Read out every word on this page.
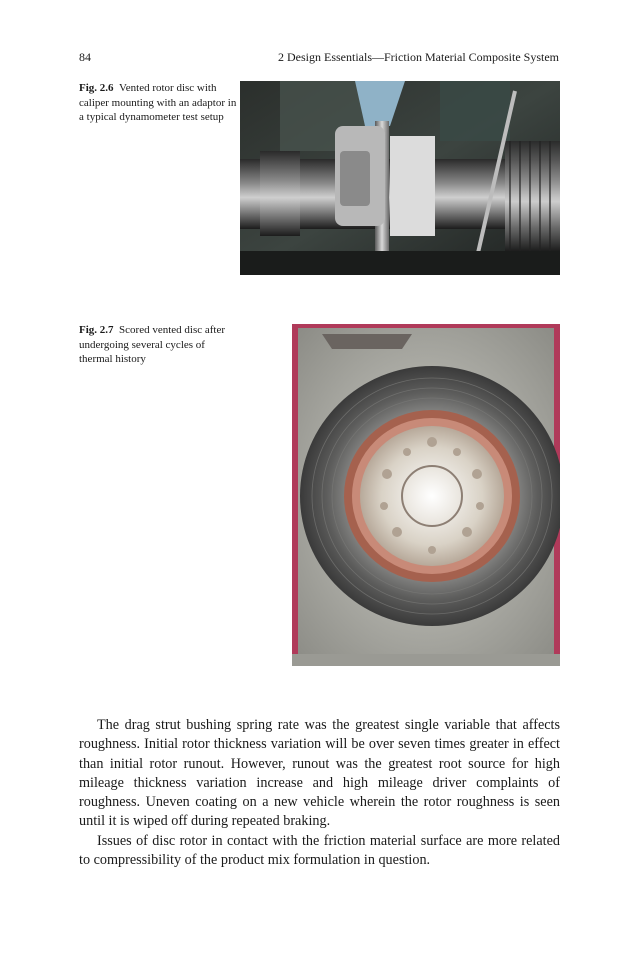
84	2 Design Essentials—Friction Material Composite System
Fig. 2.6 Vented rotor disc with caliper mounting with an adaptor in a typical dynamometer test setup
Fig. 2.7 Scored vented disc after undergoing several cycles of thermal history

The drag strut bushing spring rate was the greatest single variable that affects roughness. Initial rotor thickness variation will be over seven times greater in effect than initial rotor runout. However, runout was the greatest root source for high mileage thickness variation increase and high mileage driver complaints of roughness. Uneven coating on a new vehicle wherein the rotor roughness is seen until it is wiped off during repeated braking.

Issues of disc rotor in contact with the friction material surface are more related to compressibility of the product mix formulation in question.
